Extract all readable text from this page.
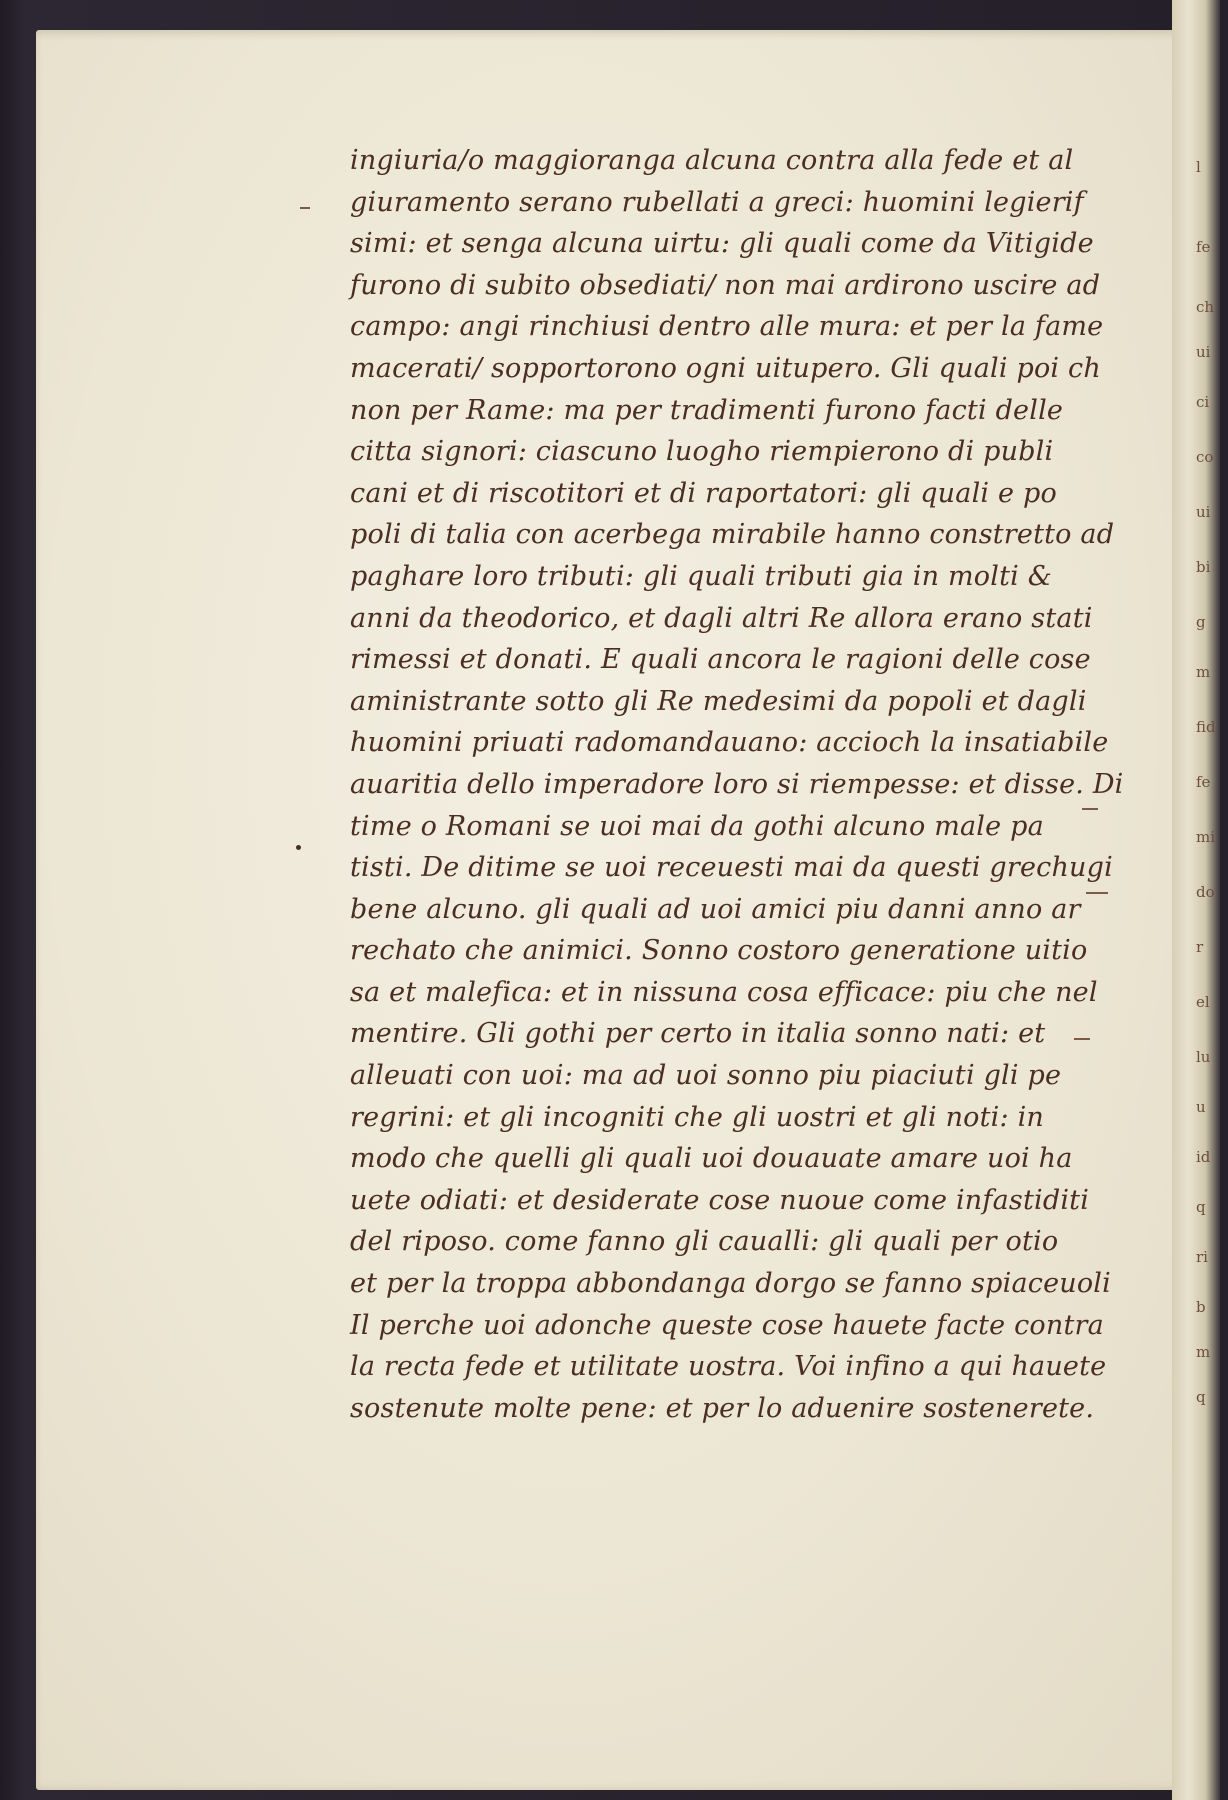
ingiuria/o maggioranga alcuna contra alla fede et al
giuramento serano rubellati a greci: huomini legierif
simi: et senga alcuna uirtu: gli quali come da Vitigide
furono di subito obsediati/ non mai ardirono uscire ad
campo: angi rinchiusi dentro alle mura: et per la fame
macerati/ sopportorono ogni uitupero. Gli quali poi ch
non per Rame: ma per tradimenti furono facti delle
citta signori: ciascuno luogho riempierono di publi
cani et di riscotitori et di raportatori: gli quali e po
poli di talia con acerbega mirabile hanno constretto ad
paghare loro tributi: gli quali tributi gia in molti &
anni da theodorico, et dagli altri Re allora erano stati
rimessi et donati. E quali ancora le ragioni delle cose
aministrante sotto gli Re medesimi da popoli et dagli
huomini priuati radomandauano: accioch la insatiabile
auaritia dello imperadore loro si riempesse: et disse. Di
time o Romani se uoi mai da gothi alcuno male pa
tisti. De ditime se uoi receuesti mai da questi grechugi
bene alcuno. gli quali ad uoi amici piu danni anno ar
rechato che animici. Sonno costoro generatione uitio
sa et malefica: et in nissuna cosa efficace: piu che nel
mentire. Gli gothi per certo in italia sonno nati: et
alleuati con uoi: ma ad uoi sonno piu piaciuti gli pe
regrini: et gli incogniti che gli uostri et gli noti: in
modo che quelli gli quali uoi douauate amare uoi ha
uete odiati: et desiderate cose nuoue come infastiditi
del riposo. come fanno gli caualli: gli quali per otio
et per la troppa abbondanga dorgo se fanno spiaceuoli
Il perche uoi adonche queste cose hauete facte contra
la recta fede et utilitate uostra. Voi infino a qui hauete
sostenute molte pene: et per lo aduenire sostenerete.
l
fe
ch
ui
ci
co
ui
bi
g
m
fid
fe
mi
do
r
el
lu
u
id
q
ri
b
m
q
